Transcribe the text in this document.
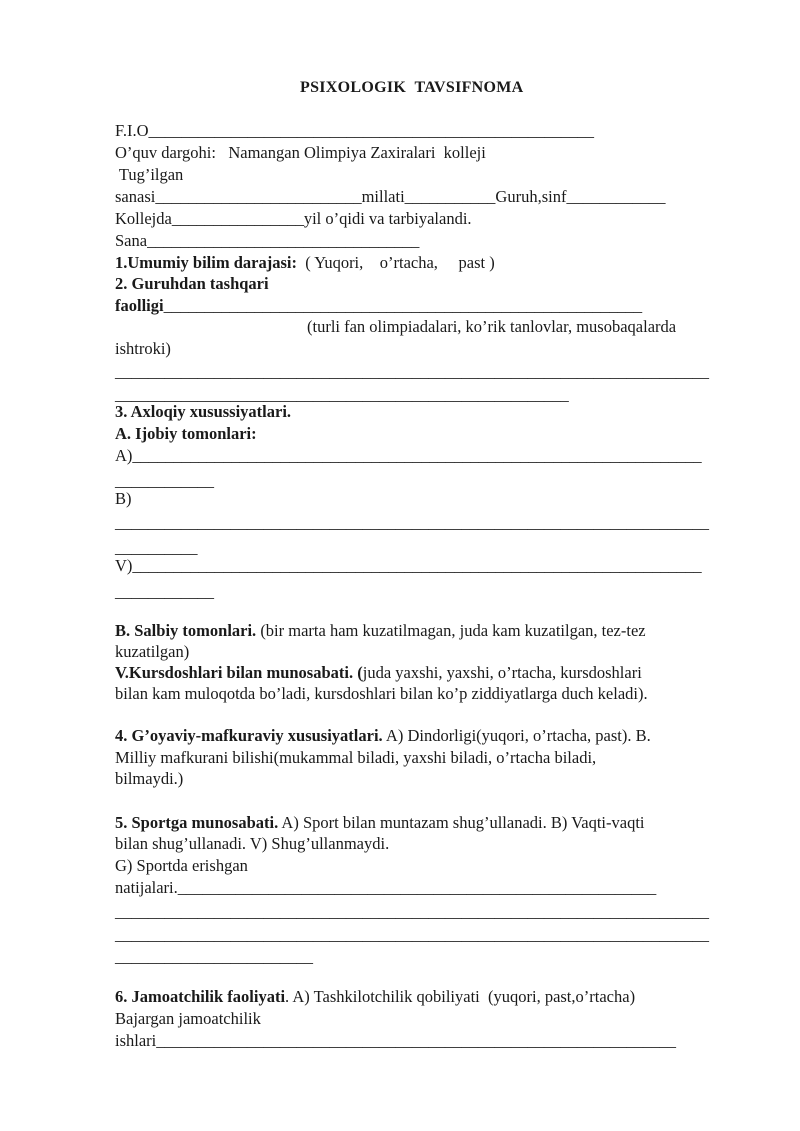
PSIXOLOGIK  TAVSIFNOMA
F.I.O______________________________________________________
O’quv dargohi:   Namangan Olimpiya Zaxiralari  kolleji
Tug’ilgan
sanasi_________________________millati___________Guruh,sinf____________
Kollejda________________yil o’qidi va tarbiyalandi.
Sana_________________________________
1.Umumiy bilim darajasi:  ( Yuqori,    o’rtacha,     past )
2. Guruhdan tashqari
faolligi__________________________________________________________
(turli fan olimpiadalari, ko’rik tanlovlar, musobaqalarda
ishtroki)
________________________________________________________________________
_______________________________________________________
3. Axloqiy xusussiyatlari.
A. Ijobiy tomonlari:
A)_____________________________________________________________________
____________
B)
________________________________________________________________________
__________
V)_____________________________________________________________________
____________
B. Salbiy tomonlari. (bir marta ham kuzatilmagan, juda kam kuzatilgan, tez-tez
kuzatilgan)
V.Kursdoshlari bilan munosabati. (juda yaxshi, yaxshi, o’rtacha, kursdoshlari
bilan kam muloqotda bo’ladi, kursdoshlari bilan ko’p ziddiyatlarga duch keladi).
4. G’oyaviy-mafkuraviy xususiyatlari. A) Dindorligi(yuqori, o’rtacha, past). B.
Milliy mafkurani bilishi(mukammal biladi, yaxshi biladi, o’rtacha biladi,
bilmaydi.)
5. Sportga munosabati. A) Sport bilan muntazam shug’ullanadi. B) Vaqti-vaqti
bilan shug’ullanadi. V) Shug’ullanmaydi.
G) Sportda erishgan
natijalari.__________________________________________________________
________________________________________________________________________
________________________________________________________________________
________________________
6. Jamoatchilik faoliyati. A) Tashkilotchilik qobiliyati  (yuqori, past,o’rtacha)
Bajargan jamoatchilik
ishlari_______________________________________________________________
